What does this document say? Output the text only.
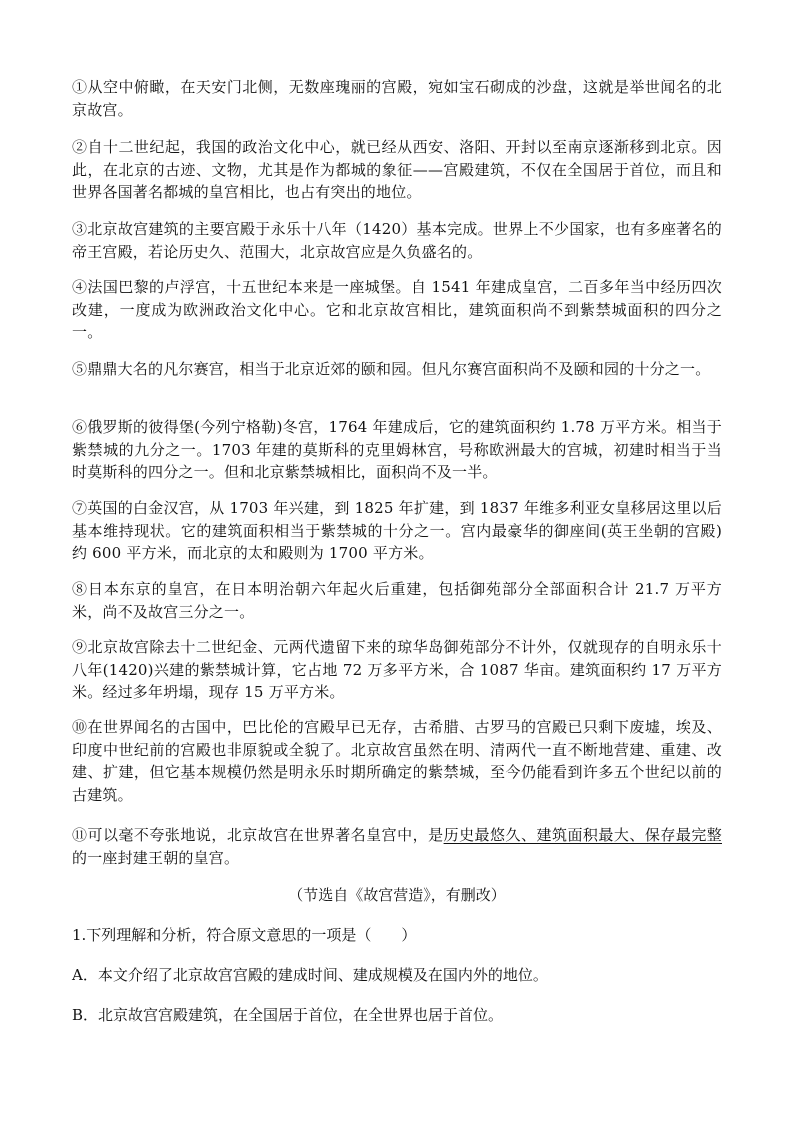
①从空中俯瞰，在天安门北侧，无数座瑰丽的宫殿，宛如宝石砌成的沙盘，这就是举世闻名的北京故宫。

②自十二世纪起，我国的政治文化中心，就已经从西安、洛阳、开封以至南京逐渐移到北京。因此，在北京的古迹、文物，尤其是作为都城的象征——宫殿建筑，不仅在全国居于首位，而且和世界各国著名都城的皇宫相比，也占有突出的地位。

③北京故宫建筑的主要宫殿于永乐十八年（1420）基本完成。世界上不少国家，也有多座著名的帝王宫殿，若论历史久、范围大，北京故宫应是久负盛名的。

④法国巴黎的卢浮宫，十五世纪本来是一座城堡。自 1541 年建成皇宫，二百多年当中经历四次改建，一度成为欧洲政治文化中心。它和北京故宫相比，建筑面积尚不到紫禁城面积的四分之一。

⑤鼎鼎大名的凡尔赛宫，相当于北京近郊的颐和园。但凡尔赛宫面积尚不及颐和园的十分之一。

⑥俄罗斯的彼得堡(今列宁格勒)冬宫，1764 年建成后，它的建筑面积约 1.78 万平方米。相当于紫禁城的九分之一。1703 年建的莫斯科的克里姆林宫，号称欧洲最大的宫城，初建时相当于当时莫斯科的四分之一。但和北京紫禁城相比，面积尚不及一半。

⑦英国的白金汉宫，从 1703 年兴建，到 1825 年扩建，到 1837 年维多利亚女皇移居这里以后基本维持现状。它的建筑面积相当于紫禁城的十分之一。宫内最豪华的御座间(英王坐朝的宫殿)约 600 平方米，而北京的太和殿则为 1700 平方米。

⑧日本东京的皇宫，在日本明治朝六年起火后重建，包括御苑部分全部面积合计 21.7 万平方米，尚不及故宫三分之一。

⑨北京故宫除去十二世纪金、元两代遗留下来的琼华岛御苑部分不计外，仅就现存的自明永乐十八年(1420)兴建的紫禁城计算，它占地 72 万多平方米，合 1087 华亩。建筑面积约 17 万平方米。经过多年坍塌，现存 15 万平方米。

⑩在世界闻名的古国中，巴比伦的宫殿早已无存，古希腊、古罗马的宫殿已只剩下废墟，埃及、印度中世纪前的宫殿也非原貌或全貌了。北京故宫虽然在明、清两代一直不断地营建、重建、改建、扩建，但它基本规模仍然是明永乐时期所确定的紫禁城，至今仍能看到许多五个世纪以前的古建筑。

⑪可以毫不夸张地说，北京故宫在世界著名皇宫中，是历史最悠久、建筑面积最大、保存最完整的一座封建王朝的皇宫。

（节选自《故宫营造》，有删改）
1.下列理解和分析，符合原文意思的一项是（　　）
A．本文介绍了北京故宫宫殿的建成时间、建成规模及在国内外的地位。
B．北京故宫宫殿建筑，在全国居于首位，在全世界也居于首位。
